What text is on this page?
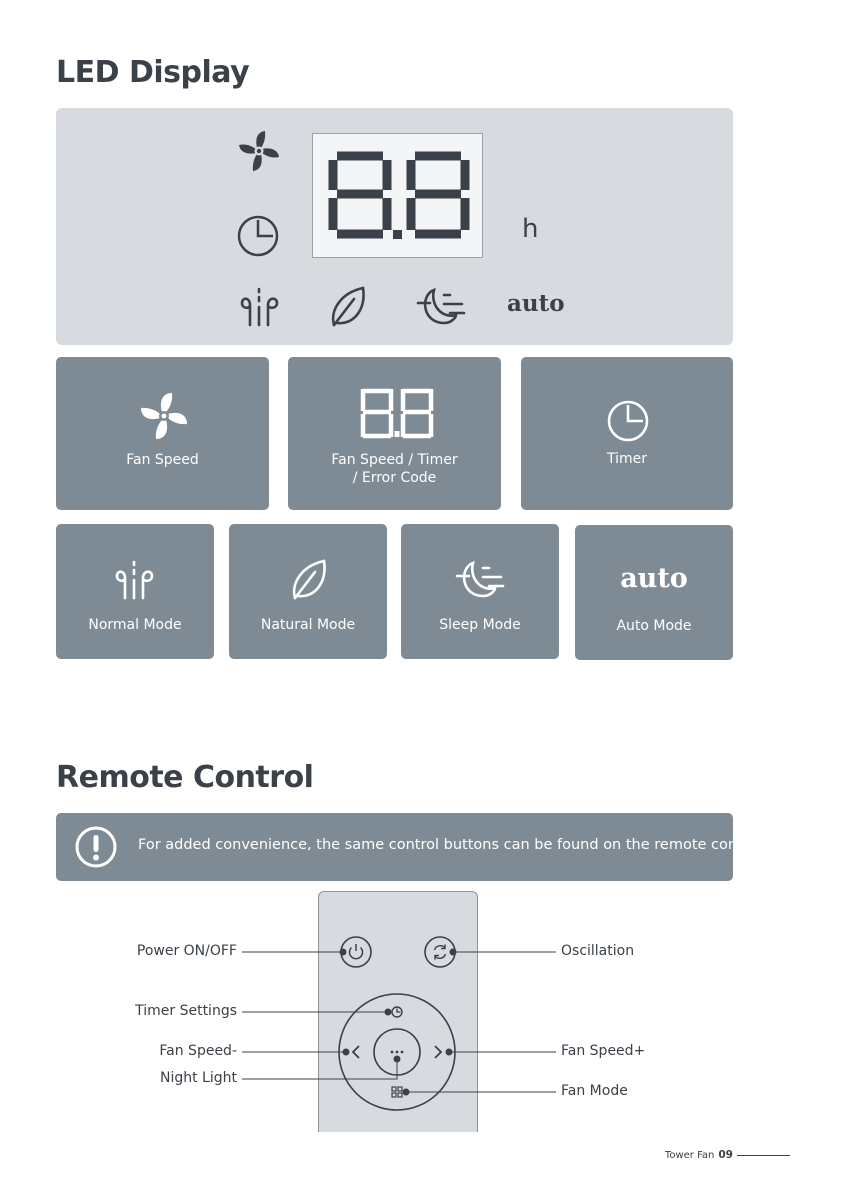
LED Display
h
auto
Fan Speed	Fan Speed / Timer
/ Error Code
Timer
Normal Mode	Natural Mode	Sleep Mode
auto
Auto Mode
Remote Control
For added convenience, the same control buttons can be found on the remote control.
Power ON/OFF
Timer Settings
Fan Speed-
Night Light
Oscillation
Fan Speed+
Fan Mode
Tower Fan 09
